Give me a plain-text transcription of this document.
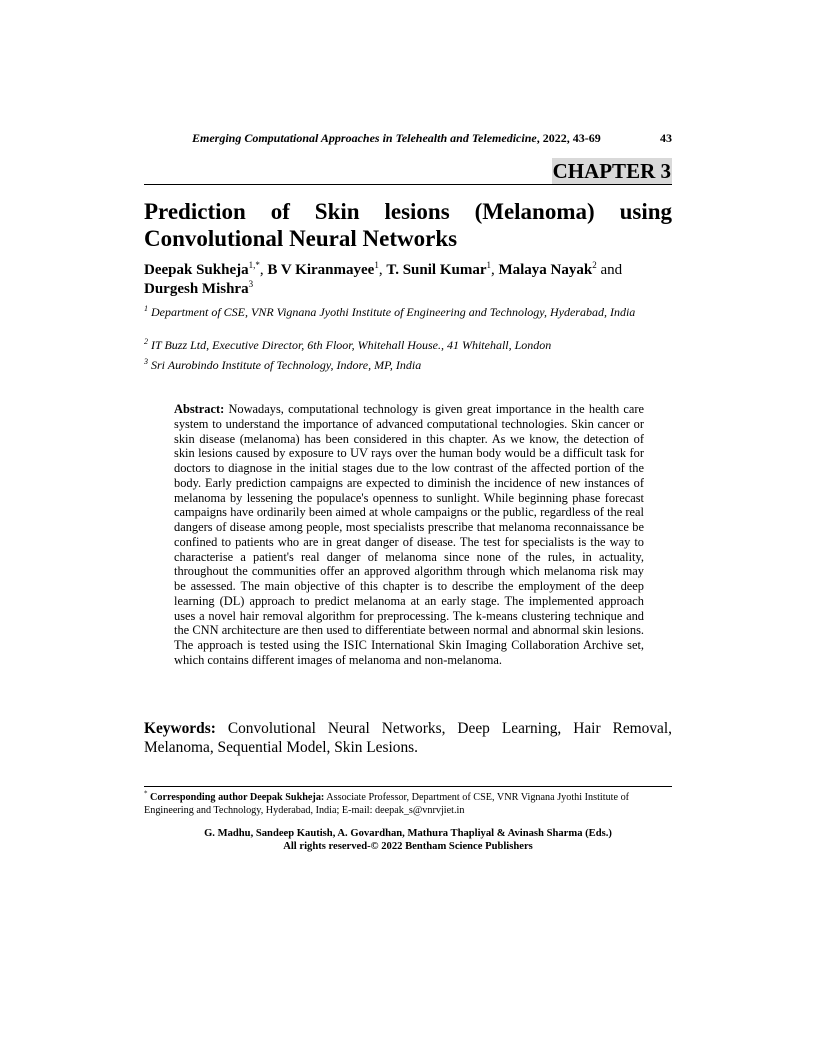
Emerging Computational Approaches in Telehealth and Telemedicine, 2022, 43-69	43
CHAPTER 3
Prediction of Skin lesions (Melanoma) using Convolutional Neural Networks
Deepak Sukheja$^{1,*}$, B V Kiranmayee$^1$, T. Sunil Kumar$^1$, Malaya Nayak$^2$ and
Durgesh Mishra$^3$
$^1$ Department of CSE, VNR Vignana Jyothi Institute of Engineering and Technology, Hyderabad, India
$^2$ IT Buzz Ltd, Executive Director, 6th Floor, Whitehall House., 41 Whitehall, London
$^3$ Sri Aurobindo Institute of Technology, Indore, MP, India

Abstract: Nowadays, computational technology is given great importance in the health care system to understand the importance of advanced computational technologies. Skin cancer or skin disease (melanoma) has been considered in this chapter. As we know, the detection of skin lesions caused by exposure to UV rays over the human body would be a difficult task for doctors to diagnose in the initial stages due to the low contrast of the affected portion of the body. Early prediction campaigns are expected to diminish the incidence of new instances of melanoma by lessening the populace's openness to sunlight. While beginning phase forecast campaigns have ordinarily been aimed at whole campaigns or the public, regardless of the real dangers of disease among people, most specialists prescribe that melanoma reconnaissance be confined to patients who are in great danger of disease. The test for specialists is the way to characterise a patient's real danger of melanoma since none of the rules, in actuality, throughout the communities offer an approved algorithm through which melanoma risk may be assessed. The main objective of this chapter is to describe the employment of the deep learning (DL) approach to predict melanoma at an early stage. The implemented approach uses a novel hair removal algorithm for preprocessing. The k-means clustering technique and the CNN architecture are then used to differentiate between normal and abnormal skin lesions. The approach is tested using the ISIC International Skin Imaging Collaboration Archive set, which contains different images of melanoma and non-melanoma.

Keywords: Convolutional Neural Networks, Deep Learning, Hair Removal, Melanoma, Sequential Model, Skin Lesions.

* Corresponding author Deepak Sukheja: Associate Professor, Department of CSE, VNR Vignana Jyothi Institute of Engineering and Technology, Hyderabad, India; E-mail: deepak_s@vnrvjiet.in

G. Madhu, Sandeep Kautish, A. Govardhan, Mathura Thapliyal & Avinash Sharma (Eds.)
All rights reserved-© 2022 Bentham Science Publishers
